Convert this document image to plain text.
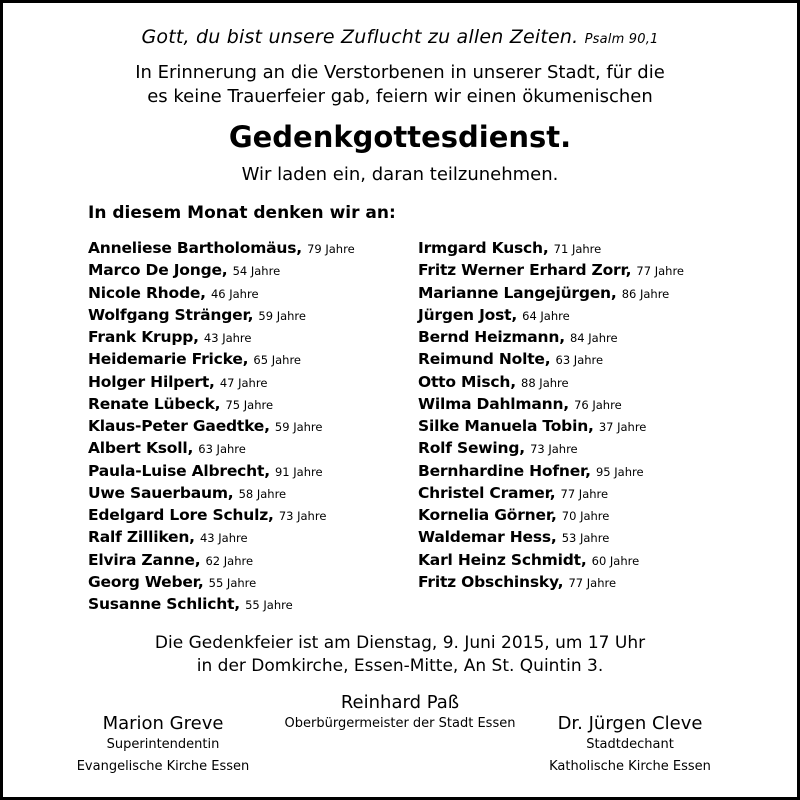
Gott, du bist unsere Zuflucht zu allen Zeiten. Psalm 90,1
In Erinnerung an die Verstorbenen in unserer Stadt, für die
es keine Trauerfeier gab, feiern wir einen ökumenischen
Gedenkgottesdienst.
Wir laden ein, daran teilzunehmen.
In diesem Monat denken wir an:
Anneliese Bartholomäus, 79 Jahre
Marco De Jonge, 54 Jahre
Nicole Rhode, 46 Jahre
Wolfgang Stränger, 59 Jahre
Frank Krupp, 43 Jahre
Heidemarie Fricke, 65 Jahre
Holger Hilpert, 47 Jahre
Renate Lübeck, 75 Jahre
Klaus-Peter Gaedtke, 59 Jahre
Albert Ksoll, 63 Jahre
Paula-Luise Albrecht, 91 Jahre
Uwe Sauerbaum, 58 Jahre
Edelgard Lore Schulz, 73 Jahre
Ralf Zilliken, 43 Jahre
Elvira Zanne, 62 Jahre
Georg Weber, 55 Jahre
Susanne Schlicht, 55 Jahre
Irmgard Kusch, 71 Jahre
Fritz Werner Erhard Zorr, 77 Jahre
Marianne Langejürgen, 86 Jahre
Jürgen Jost, 64 Jahre
Bernd Heizmann, 84 Jahre
Reimund Nolte, 63 Jahre
Otto Misch, 88 Jahre
Wilma Dahlmann, 76 Jahre
Silke Manuela Tobin, 37 Jahre
Rolf Sewing, 73 Jahre
Bernhardine Hofner, 95 Jahre
Christel Cramer, 77 Jahre
Kornelia Görner, 70 Jahre
Waldemar Hess, 53 Jahre
Karl Heinz Schmidt, 60 Jahre
Fritz Obschinsky, 77 Jahre
Die Gedenkfeier ist am Dienstag, 9. Juni 2015, um 17 Uhr
in der Domkirche, Essen-Mitte, An St. Quintin 3.
Reinhard Paß
Oberbürgermeister der Stadt Essen
Marion Greve
Superintendentin
Evangelische Kirche Essen
Dr. Jürgen Cleve
Stadtdechant
Katholische Kirche Essen
